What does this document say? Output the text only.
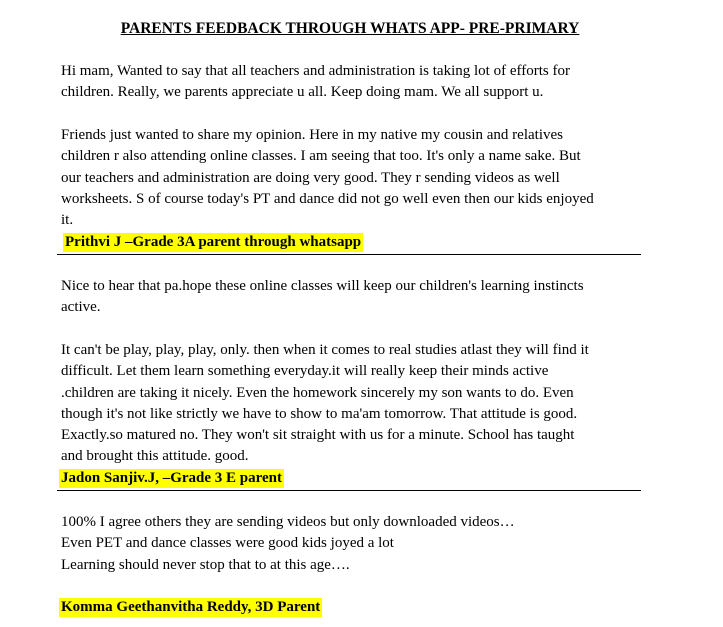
PARENTS FEEDBACK THROUGH WHATS APP- PRE-PRIMARY
Hi mam, Wanted to say that all teachers and administration is taking lot of efforts for
children. Really, we parents appreciate u all. Keep doing mam. We all support u.
Friends just wanted to share my opinion. Here in my native my cousin and relatives
children r also attending online classes. I am seeing that too. It's only a name sake. But
our teachers and administration are doing very good. They r sending videos as well
worksheets. S of course today's PT and dance did not go well even then our kids enjoyed
it.
Prithvi J –Grade 3A parent through whatsapp
Nice to hear that pa.hope these online classes will keep our children's learning instincts
active.
It can't be play, play, play, only. then when it comes to real studies atlast they will find it
difficult. Let them learn something everyday.it will really keep their minds active
.children are taking it nicely. Even the homework sincerely my son wants to do. Even
though it's not like strictly we have to show to ma'am tomorrow. That attitude is good.
Exactly.so matured no. They won't sit straight with us for a minute. School has taught
and brought this attitude. good.
Jadon Sanjiv.J, –Grade 3 E parent
100% I agree others they are sending videos but only downloaded videos…
Even PET and dance classes were good kids joyed a lot
Learning should never stop that to at this age….
Komma Geethanvitha Reddy, 3D Parent
